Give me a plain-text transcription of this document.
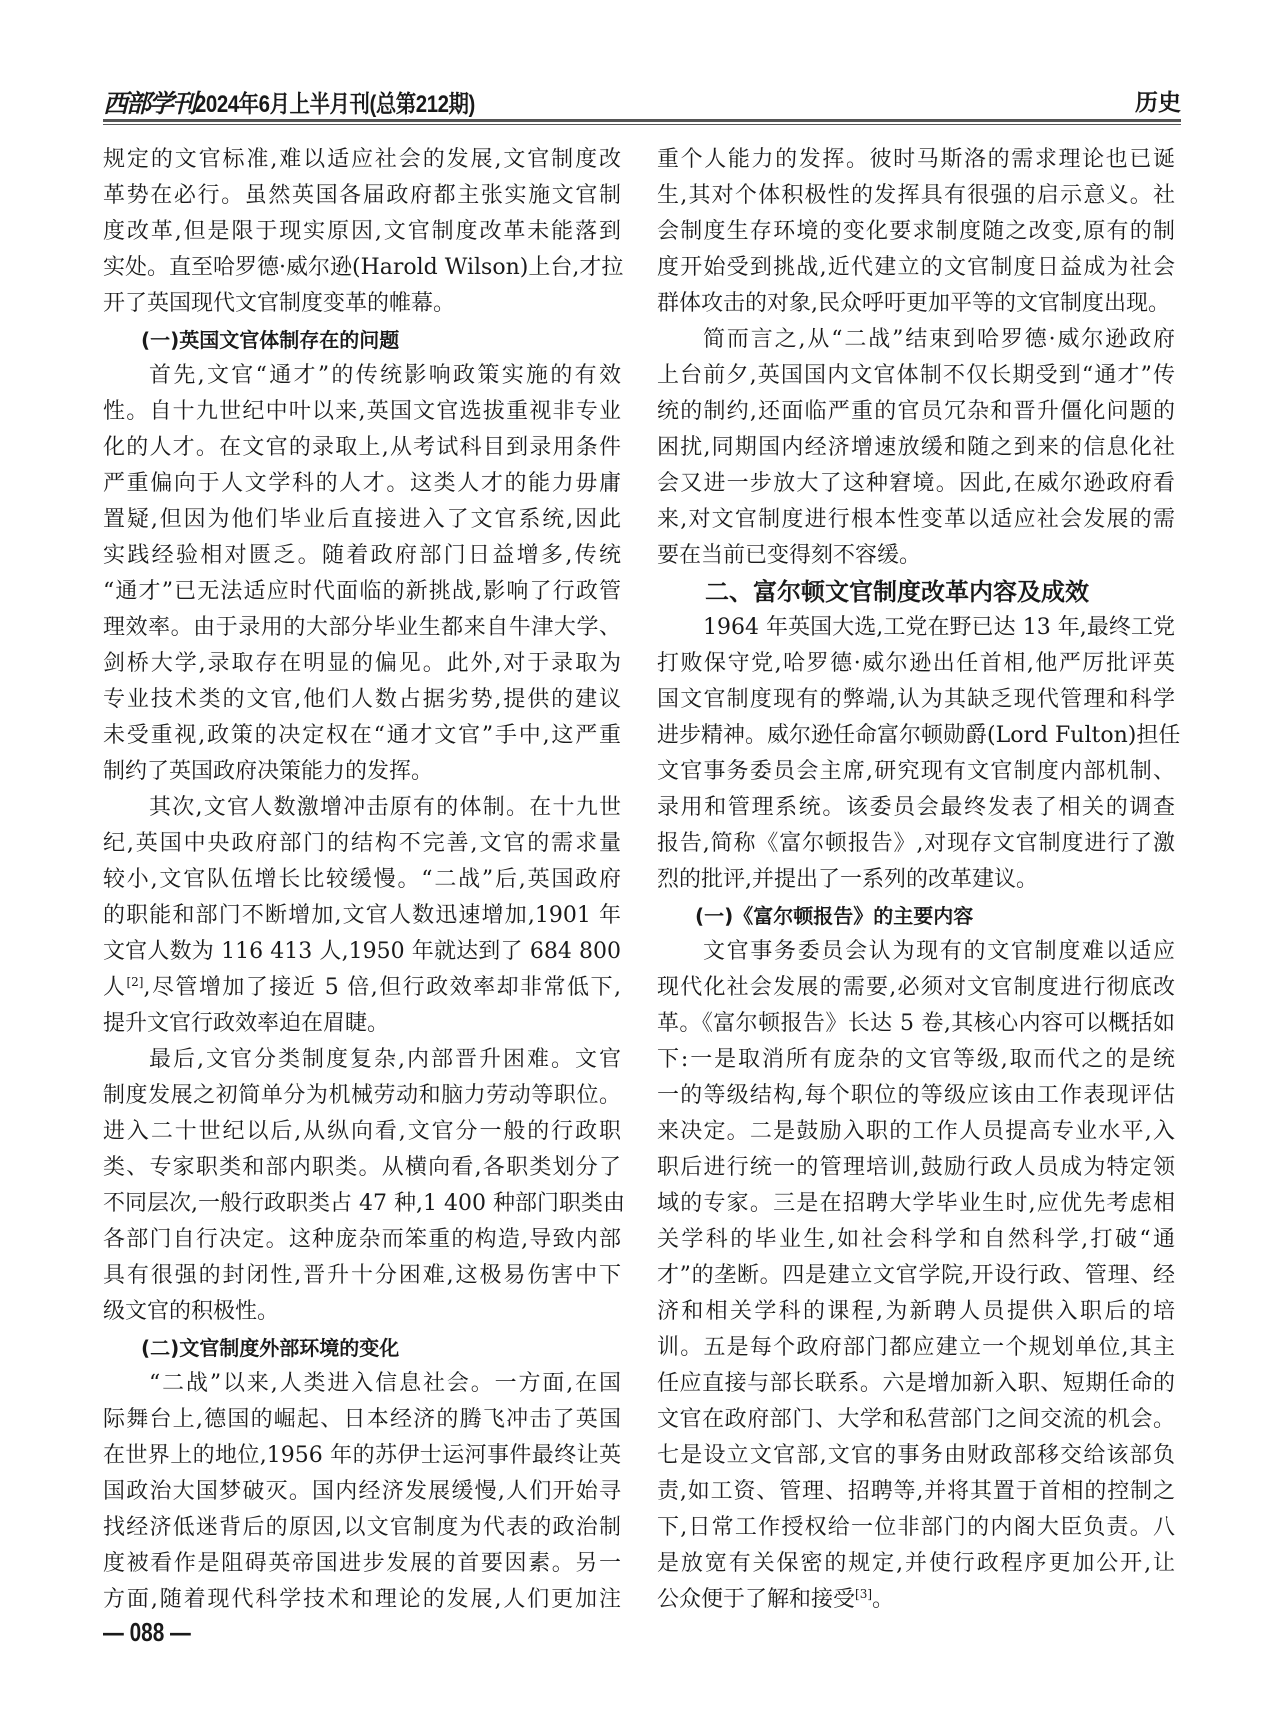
西部学刊 2024年6月上半月刊(总第212期)	历史
规定的文官标准,难以适应社会的发展,文官制度改
革势在必行。虽然英国各届政府都主张实施文官制
度改革,但是限于现实原因,文官制度改革未能落到
实处。直至哈罗德·威尔逊(Harold Wilson)上台,才拉
开了英国现代文官制度变革的帷幕。
(一)英国文官体制存在的问题
首先,文官“通才”的传统影响政策实施的有效
性。自十九世纪中叶以来,英国文官选拔重视非专业
化的人才。在文官的录取上,从考试科目到录用条件
严重偏向于人文学科的人才。这类人才的能力毋庸
置疑,但因为他们毕业后直接进入了文官系统,因此
实践经验相对匮乏。随着政府部门日益增多,传统
“通才”已无法适应时代面临的新挑战,影响了行政管
理效率。由于录用的大部分毕业生都来自牛津大学、
剑桥大学,录取存在明显的偏见。此外,对于录取为
专业技术类的文官,他们人数占据劣势,提供的建议
未受重视,政策的决定权在“通才文官”手中,这严重
制约了英国政府决策能力的发挥。
其次,文官人数激增冲击原有的体制。在十九世
纪,英国中央政府部门的结构不完善,文官的需求量
较小,文官队伍增长比较缓慢。“二战”后,英国政府
的职能和部门不断增加,文官人数迅速增加,1901 年
文官人数为 116 413 人,1950 年就达到了 684 800
人[2],尽管增加了接近 5 倍,但行政效率却非常低下,
提升文官行政效率迫在眉睫。
最后,文官分类制度复杂,内部晋升困难。文官
制度发展之初简单分为机械劳动和脑力劳动等职位。
进入二十世纪以后,从纵向看,文官分一般的行政职
类、专家职类和部内职类。从横向看,各职类划分了
不同层次,一般行政职类占 47 种,1 400 种部门职类由
各部门自行决定。这种庞杂而笨重的构造,导致内部
具有很强的封闭性,晋升十分困难,这极易伤害中下
级文官的积极性。
(二)文官制度外部环境的变化
“二战”以来,人类进入信息社会。一方面,在国
际舞台上,德国的崛起、日本经济的腾飞冲击了英国
在世界上的地位,1956 年的苏伊士运河事件最终让英
国政治大国梦破灭。国内经济发展缓慢,人们开始寻
找经济低迷背后的原因,以文官制度为代表的政治制
度被看作是阻碍英帝国进步发展的首要因素。另一
方面,随着现代科学技术和理论的发展,人们更加注
重个人能力的发挥。彼时马斯洛的需求理论也已诞
生,其对个体积极性的发挥具有很强的启示意义。社
会制度生存环境的变化要求制度随之改变,原有的制
度开始受到挑战,近代建立的文官制度日益成为社会
群体攻击的对象,民众呼吁更加平等的文官制度出现。
简而言之,从“二战”结束到哈罗德·威尔逊政府
上台前夕,英国国内文官体制不仅长期受到“通才”传
统的制约,还面临严重的官员冗杂和晋升僵化问题的
困扰,同期国内经济增速放缓和随之到来的信息化社
会又进一步放大了这种窘境。因此,在威尔逊政府看
来,对文官制度进行根本性变革以适应社会发展的需
要在当前已变得刻不容缓。
二、富尔顿文官制度改革内容及成效
1964 年英国大选,工党在野已达 13 年,最终工党
打败保守党,哈罗德·威尔逊出任首相,他严厉批评英
国文官制度现有的弊端,认为其缺乏现代管理和科学
进步精神。威尔逊任命富尔顿勋爵(Lord Fulton)担任
文官事务委员会主席,研究现有文官制度内部机制、
录用和管理系统。该委员会最终发表了相关的调查
报告,简称《富尔顿报告》,对现存文官制度进行了激
烈的批评,并提出了一系列的改革建议。
(一)《富尔顿报告》的主要内容
文官事务委员会认为现有的文官制度难以适应
现代化社会发展的需要,必须对文官制度进行彻底改
革。《富尔顿报告》长达 5 卷,其核心内容可以概括如
下:一是取消所有庞杂的文官等级,取而代之的是统
一的等级结构,每个职位的等级应该由工作表现评估
来决定。二是鼓励入职的工作人员提高专业水平,入
职后进行统一的管理培训,鼓励行政人员成为特定领
域的专家。三是在招聘大学毕业生时,应优先考虑相
关学科的毕业生,如社会科学和自然科学,打破“通
才”的垄断。四是建立文官学院,开设行政、管理、经
济和相关学科的课程,为新聘人员提供入职后的培
训。五是每个政府部门都应建立一个规划单位,其主
任应直接与部长联系。六是增加新入职、短期任命的
文官在政府部门、大学和私营部门之间交流的机会。
七是设立文官部,文官的事务由财政部移交给该部负
责,如工资、管理、招聘等,并将其置于首相的控制之
下,日常工作授权给一位非部门的内阁大臣负责。八
是放宽有关保密的规定,并使行政程序更加公开,让
公众便于了解和接受[3]。
— 088 —
